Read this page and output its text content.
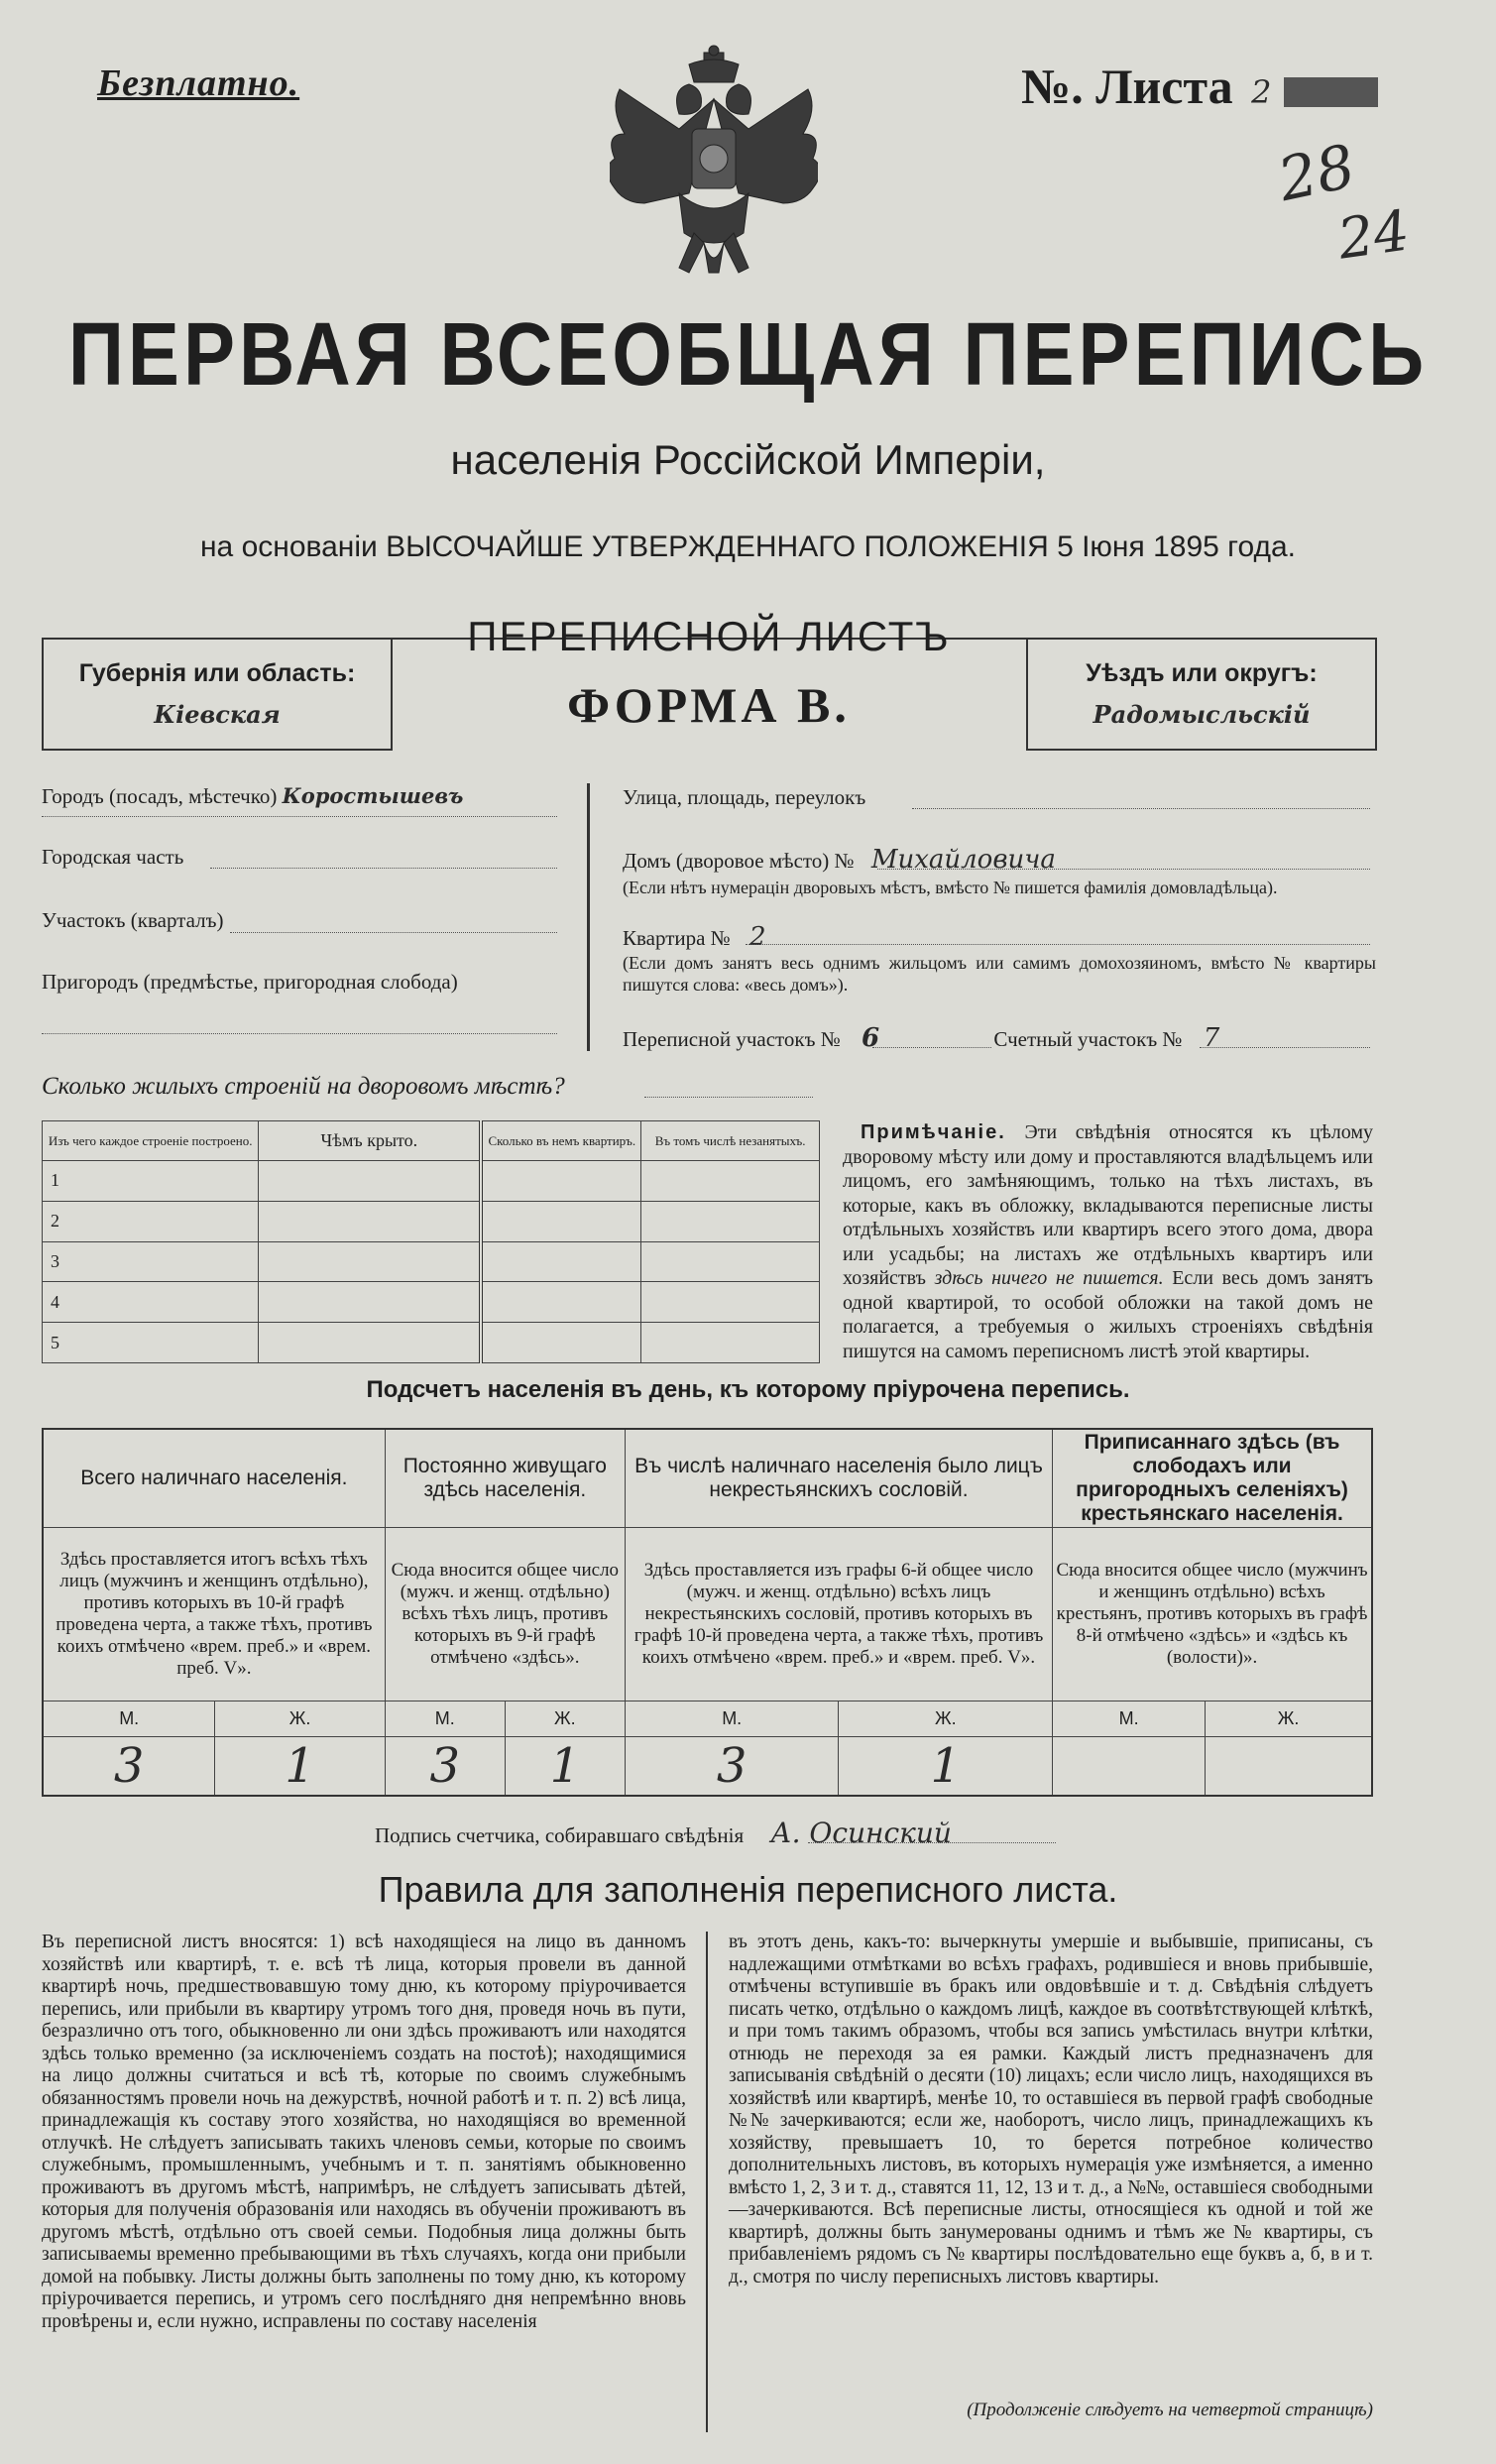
Безплатно.	№. Листа 2
28
24
ПЕРВАЯ ВСЕОБЩАЯ ПЕРЕПИСЬ
населенія Россійской Имперіи,
на основаніи ВЫСОЧАЙШЕ УТВЕРЖДЕННАГО ПОЛОЖЕНІЯ 5 Іюня 1895 года.
Губернія или область:
Кіевская
ПЕРЕПИСНОЙ ЛИСТЪ
ФОРМА В.
Уѣздъ или округъ:
Радомысльскій
Городъ (посадъ, мѣстечко) Коростышевъ
Городская часть
Участокъ (кварталъ)
Пригородъ (предмѣстье, пригородная слобода)
Улица, площадь, переулокъ
Домъ (дворовое мѣсто) № Михайловича
(Если нѣтъ нумерацін дворовыхъ мѣстъ, вмѣсто № пишется фамилія домовладѣльца).
Квартира № 2
(Если домъ занятъ весь однимъ жильцомъ или самимъ домохозяиномъ, вмѣсто № квартиры пишутся слова: «весь домъ»).
Переписной участокъ № 6	Счетный участокъ № 7
Сколько жилыхъ строеній на дворовомъ мѣстѣ?
Изъ чего каждое строеніе построено.	Чѣмъ крыто.	Сколько въ немъ квартиръ.	Въ томъ числѣ незанятыхъ.
1			
2			
3			
4			
5			
Примѣчаніе. Эти свѣдѣнія относятся къ цѣлому дворовому мѣсту или дому и проставляются владѣльцемъ или лицомъ, его замѣняющимъ, только на тѣхъ листахъ, въ которые, какъ въ обложку, вкладываются переписные листы отдѣльныхъ хозяйствъ или квартиръ всего этого дома, двора или усадьбы; на листахъ же отдѣльныхъ квартиръ или хозяйствъ здѣсь ничего не пишется. Если весь домъ занятъ одной квартирой, то особой обложки на такой домъ не полагается, а требуемыя о жилыхъ строеніяхъ свѣдѣнія пишутся на самомъ переписномъ листѣ этой квартиры.
Подсчетъ населенія въ день, къ которому пріурочена перепись.
Всего наличнаго населенія.		Постоянно живущаго здѣсь населенія.		Въ числѣ наличнаго населенія было лицъ некрестьянскихъ сословій.		Приписаннаго здѣсь (въ слободахъ или пригородныхъ селеніяхъ) крестьянскаго населенія.	
Здѣсь проставляется итогъ всѣхъ тѣхъ лицъ (мужчинъ и женщинъ отдѣльно), противъ которыхъ въ 10-й графѣ проведена черта, а также тѣхъ, противъ коихъ отмѣчено «врем. преб.» и «врем. преб. V».		Сюда вносится общее число (мужч. и женщ. отдѣльно) всѣхъ тѣхъ лицъ, противъ которыхъ въ 9-й графѣ отмѣчено «здѣсь».		Здѣсь проставляется изъ графы 6-й общее число (мужч. и женщ. отдѣльно) всѣхъ лицъ некрестьянскихъ сословій, противъ которыхъ въ графѣ 10-й проведена черта, а также тѣхъ, противъ коихъ отмѣчено «врем. преб.» и «врем. преб. V».		Сюда вносится общее число (мужчинъ и женщинъ отдѣльно) всѣхъ крестьянъ, противъ которыхъ въ графѣ 8-й отмѣчено «здѣсь» и «здѣсь къ (волости)».	
М.	Ж.	М.	Ж.	М.	Ж.	М.	Ж.
3	1	3	1	3	1		
Подпись счетчика, собиравшаго свѣдѣнія А. Осинский
Правила для заполненія переписного листа.
Въ переписной листъ вносятся: 1) всѣ находящіеся на лицо въ данномъ хозяйствѣ или квартирѣ, т. е. всѣ тѣ лица, которыя провели въ данной квартирѣ ночь, предшествовавшую тому дню, къ которому пріурочивается перепись, или прибыли въ квартиру утромъ того дня, проведя ночь въ пути, безразлично отъ того, обыкновенно ли они здѣсь проживаютъ или находятся здѣсь только временно (за исключеніемъ создать на постоѣ); находящимися на лицо должны считаться и всѣ тѣ, которые по своимъ служебнымъ обязанностямъ провели ночь на дежурствѣ, ночной работѣ и т. п. 2) всѣ лица, принадлежащія къ составу этого хозяйства, но находящіяся во временной отлучкѣ. Не слѣдуетъ записывать такихъ членовъ семьи, которые по своимъ служебнымъ, промышленнымъ, учебнымъ и т. п. занятіямъ обыкновенно проживаютъ въ другомъ мѣстѣ, напримѣръ, не слѣдуетъ записывать дѣтей, которыя для полученія образованія или находясь въ обученіи проживаютъ въ другомъ мѣстѣ, отдѣльно отъ своей семьи. Подобныя лица должны быть записываемы временно пребывающими въ тѣхъ случаяхъ, когда они прибыли домой на побывку. Листы должны быть заполнены по тому дню, къ которому пріурочивается перепись, и утромъ сего послѣдняго дня непремѣнно вновь провѣрены и, если нужно, исправлены по составу населенія
въ этотъ день, какъ-то: вычеркнуты умершіе и выбывшіе, приписаны, съ надлежащими отмѣтками во всѣхъ графахъ, родившіеся и вновь прибывшіе, отмѣчены вступившіе въ бракъ или овдовѣвшіе и т. д. Свѣдѣнія слѣдуетъ писать четко, отдѣльно о каждомъ лицѣ, каждое въ соотвѣтствующей клѣткѣ, и при томъ такимъ образомъ, чтобы вся запись умѣстилась внутри клѣтки, отнюдь не переходя за ея рамки. Каждый листъ предназначенъ для записыванія свѣдѣній о десяти (10) лицахъ; если число лицъ, находящихся въ хозяйствѣ или квартирѣ, менѣе 10, то оставшіеся въ первой графѣ свободные №№ зачеркиваются; если же, наоборотъ, число лицъ, принадлежащихъ къ хозяйству, превышаетъ 10, то берется потребное количество дополнительныхъ листовъ, въ которыхъ нумерація уже измѣняется, а именно вмѣсто 1, 2, 3 и т. д., ставятся 11, 12, 13 и т. д., а №№, оставшіеся свободными—зачеркиваются. Всѣ переписные листы, относящіеся къ одной и той же квартирѣ, должны быть занумерованы однимъ и тѣмъ же № квартиры, съ прибавленіемъ рядомъ съ № квартиры послѣдовательно еще буквъ а, б, в и т. д., смотря по числу переписныхъ листовъ квартиры.
(Продолженіе слѣдуетъ на четвертой страницѣ)
